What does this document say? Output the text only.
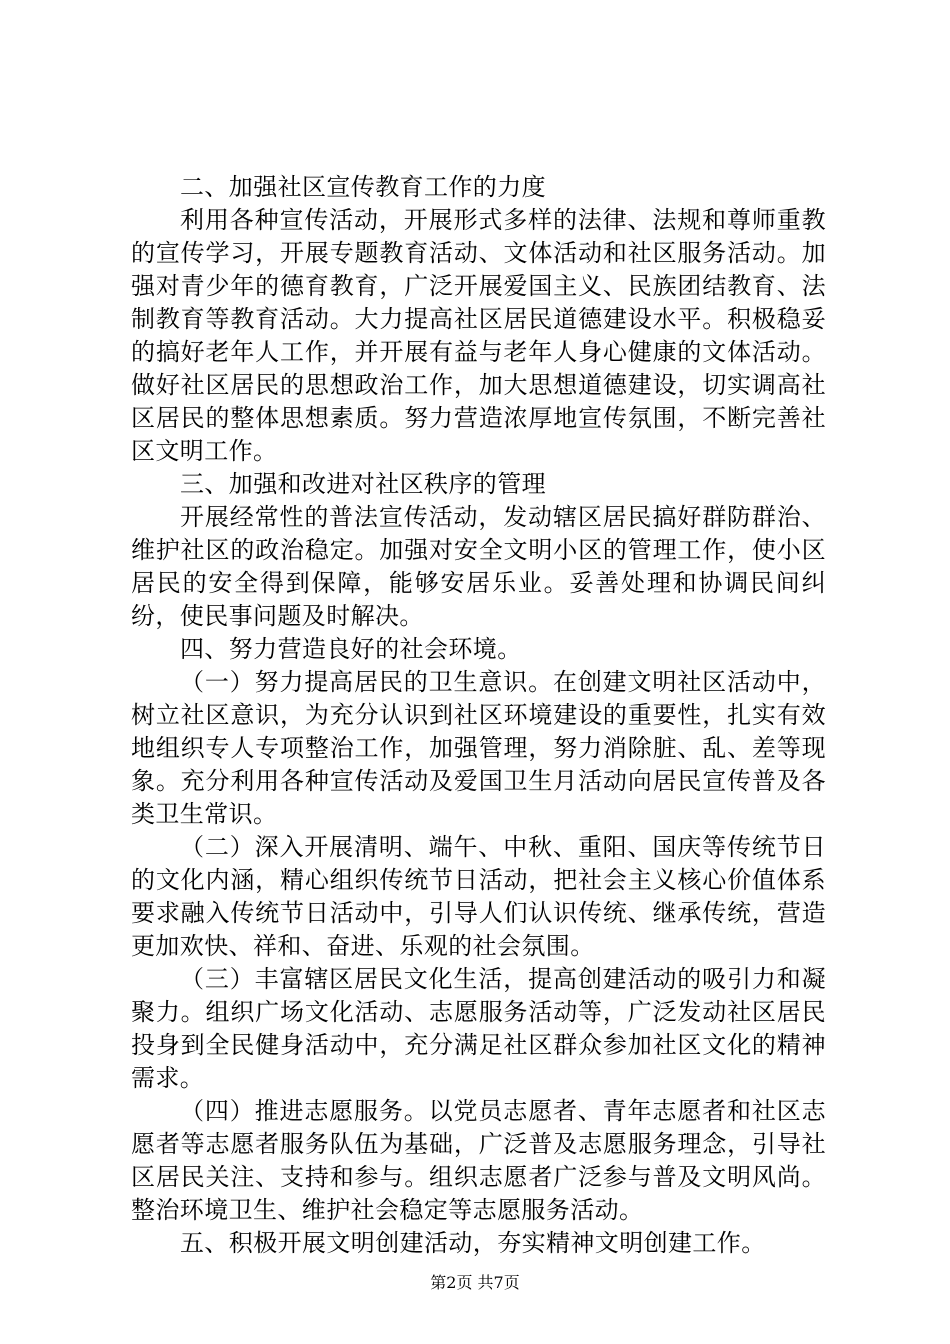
二、加强社区宣传教育工作的力度

利用各种宣传活动，开展形式多样的法律、法规和尊师重教的宣传学习，开展专题教育活动、文体活动和社区服务活动。加强对青少年的德育教育，广泛开展爱国主义、民族团结教育、法制教育等教育活动。大力提高社区居民道德建设水平。积极稳妥的搞好老年人工作，并开展有益与老年人身心健康的文体活动。做好社区居民的思想政治工作，加大思想道德建设，切实调高社区居民的整体思想素质。努力营造浓厚地宣传氛围，不断完善社区文明工作。

三、加强和改进对社区秩序的管理

开展经常性的普法宣传活动，发动辖区居民搞好群防群治、维护社区的政治稳定。加强对安全文明小区的管理工作，使小区居民的安全得到保障，能够安居乐业。妥善处理和协调民间纠纷，使民事问题及时解决。

四、努力营造良好的社会环境。

（一）努力提高居民的卫生意识。在创建文明社区活动中，树立社区意识，为充分认识到社区环境建设的重要性，扎实有效地组织专人专项整治工作，加强管理，努力消除脏、乱、差等现象。充分利用各种宣传活动及爱国卫生月活动向居民宣传普及各类卫生常识。

（二）深入开展清明、端午、中秋、重阳、国庆等传统节日的文化内涵，精心组织传统节日活动，把社会主义核心价值体系要求融入传统节日活动中，引导人们认识传统、继承传统，营造更加欢快、祥和、奋进、乐观的社会氛围。

（三）丰富辖区居民文化生活，提高创建活动的吸引力和凝聚力。组织广场文化活动、志愿服务活动等，广泛发动社区居民投身到全民健身活动中，充分满足社区群众参加社区文化的精神需求。

（四）推进志愿服务。以党员志愿者、青年志愿者和社区志愿者等志愿者服务队伍为基础，广泛普及志愿服务理念，引导社区居民关注、支持和参与。组织志愿者广泛参与普及文明风尚。整治环境卫生、维护社会稳定等志愿服务活动。

五、积极开展文明创建活动，夯实精神文明创建工作。

第2页 共7页
